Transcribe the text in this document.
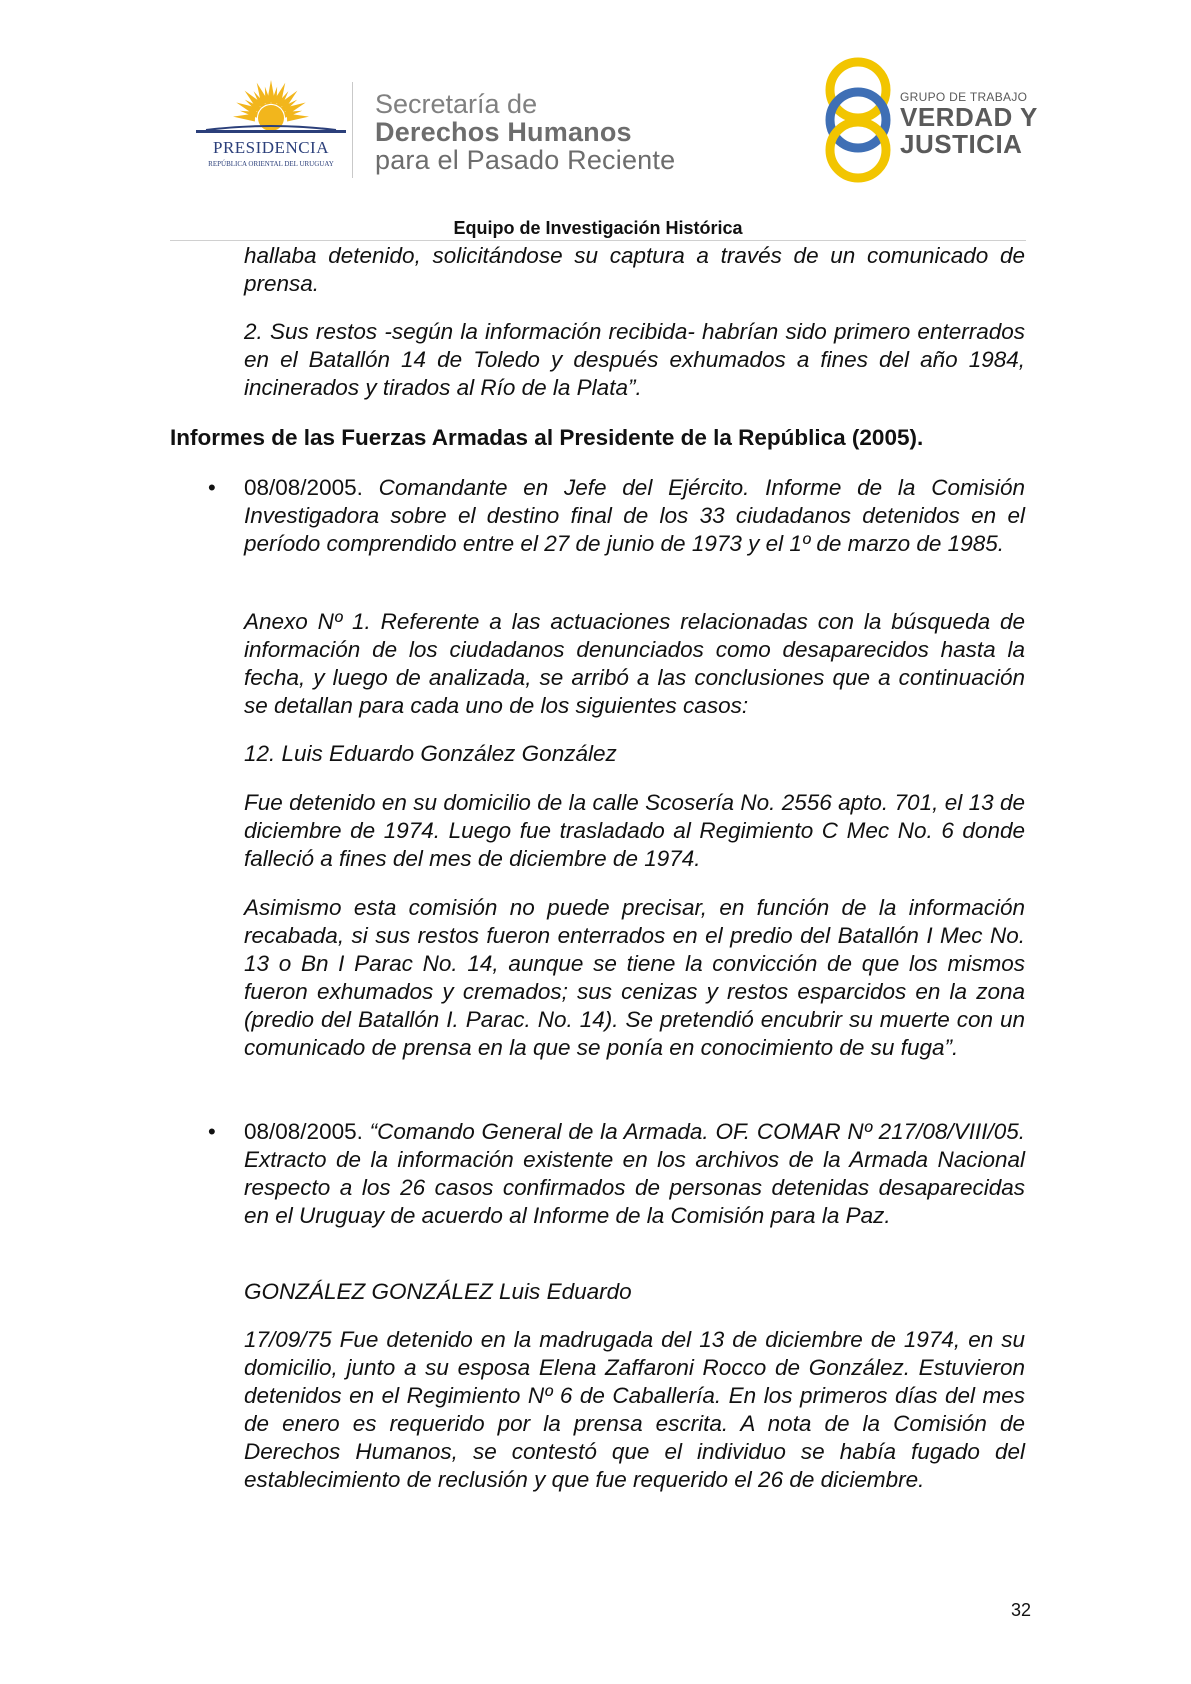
PRESIDENCIA
REPÚBLICA ORIENTAL DEL URUGUAY
Secretaría de
Derechos Humanos
para el Pasado Reciente
GRUPO DE TRABAJO
VERDAD Y
JUSTICIA
Equipo de Investigación Histórica

hallaba detenido, solicitándose su captura a través de un comunicado de prensa.

2. Sus restos -según la información recibida- habrían sido primero enterrados en el Batallón 14 de Toledo y después exhumados a fines del año 1984, incinerados y tirados al Río de la Plata”.

Informes de las Fuerzas Armadas al Presidente de la República (2005).
• 08/08/2005. Comandante en Jefe del Ejército. Informe de la Comisión Investigadora sobre el destino final de los 33 ciudadanos detenidos en el período comprendido entre el 27 de junio de 1973 y el 1º de marzo de 1985.

Anexo Nº 1. Referente a las actuaciones relacionadas con la búsqueda de información de los ciudadanos denunciados como desaparecidos hasta la fecha, y luego de analizada, se arribó a las conclusiones que a continuación se detallan para cada uno de los siguientes casos:

12. Luis Eduardo González González

Fue detenido en su domicilio de la calle Scosería No. 2556 apto. 701, el 13 de diciembre de 1974. Luego fue trasladado al Regimiento C Mec No. 6 donde falleció a fines del mes de diciembre de 1974.

Asimismo esta comisión no puede precisar, en función de la información recabada, si sus restos fueron enterrados en el predio del Batallón I Mec No. 13 o Bn I Parac No. 14, aunque se tiene la convicción de que los mismos fueron exhumados y cremados; sus cenizas y restos esparcidos en la zona (predio del Batallón I. Parac. No. 14). Se pretendió encubrir su muerte con un comunicado de prensa en la que se ponía en conocimiento de su fuga”.

• 08/08/2005. “Comando General de la Armada. OF. COMAR Nº 217/08/VIII/05. Extracto de la información existente en los archivos de la Armada Nacional respecto a los 26 casos confirmados de personas detenidas desaparecidas en el Uruguay de acuerdo al Informe de la Comisión para la Paz.

GONZÁLEZ GONZÁLEZ Luis Eduardo

17/09/75 Fue detenido en la madrugada del 13 de diciembre de 1974, en su domicilio, junto a su esposa Elena Zaffaroni Rocco de González. Estuvieron detenidos en el Regimiento Nº 6 de Caballería. En los primeros días del mes de enero es requerido por la prensa escrita. A nota de la Comisión de Derechos Humanos, se contestó que el individuo se había fugado del establecimiento de reclusión y que fue requerido el 26 de diciembre.

32
